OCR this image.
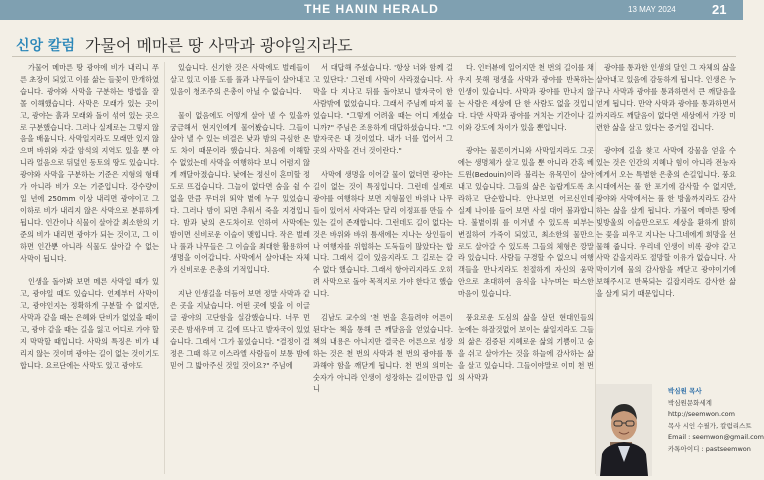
THE HANIN HERALD	13 MAY 2024	21
신앙 칼럼 가물어 메마른 땅 사막과 광야일지라도

가물어 메마른 땅 광야에 비가 내리니 푸른 초장이 되었고 이를 삶는 들꽃이 만개하였습니다. 광야와 사막을 구분하는 방법을 잘 몰 이해했습니다. 사막은 모래가 있는 곳이고, 광야는 흙과 모래와 돌이 섞여 있는 곳으로 구분했습니다. 그러나 실제로는 그렇지 않음을 배웁니다. 사막일지라도 모래만 있지 않으며 바위와 자갈 암석의 지역도 있을 뿐 아니라 얼음으로 뒤덮인 동토의 땅도 있습니다. 광야와 사막을 구분하는 기준은 지형의 형태가 아니라 비가 오는 기준입니다. 강수량이 일 년에 250mm 이상 내리면 광야이고 그 이하로 비가 내리지 않은 사막으로 분류하게 됩니다. 인간이나 식물이 살아갈 최소한의 기준의 비가 내리면 광야가 되는 것이고, 그 이하면 인간뿐 아니라 식물도 살아갈 수 없는 사막이 됩니다.

인생을 돌아봐 보면 메른 사막일 때가 있고, 광야일 때도 있습니다. 언제부터 사막이고, 광야인지는 정확하게 구분할 수 없지만, 사막과 같을 때는 은혜와 단비가 없었을 때이고, 광야 같을 때는 길을 잃고 어디로 가야 할지 막막할 때입니다. 사막의 특징은 비가 내리지 않는 것이며 광야는 길이 없는 것이기도 합니다. 요르단에는 사막도 있고 광야도

있습니다. 신기한 것은 사막에도 벌레들이 살고 있고 이를 도를 풀과 나무들이 살아내고 있음이 청조주의 은총이 아닐 수 없습니다.

물이 없음에도 어떻게 살아 낼 수 있을까 궁금해서 현지인에게 물어봤습니다. 그들이 살아 낼 수 있는 비결은 낮과 밤의 극심한 온도 차이 때문이라 했습니다. 처음에 이해할 수 없었는데 사막을 여행하다 보니 어렴지 않게 깨달아졌습니다. 낮에는 정신이 혼미할 정도로 뜨겁습니다. 그늘이 없다면 숨을 쉴 수 없을 만큼 무더위 뙤약 볕에 누구 있었습니다. 그러나 밤이 되면 추워서 죽을 지경입니다. 밤과 낮의 온도차이로 인하여 사막에는 밤이면 신비로운 이슬이 맺힙니다. 작은 벌레나 풀과 나무들은 그 이슬을 최대한 활용하여 생명을 이어갑니다. 사막에서 살아내는 자체가 신비로운 은총의 기적입니다.

지난 인생길을 더듬어 보면 정말 사막과 같은 곳을 지났습니다. 어떤 곳에 빛을 이 이글글 광야의 고단함을 실감했습니다. 너무 먼 곳은 밤새우며 고 길에 뜨나고 발자국이 있었습니다. 그래서 '그가 물었습니다. "결정이 결정은 그때 하고 이스라엘 사람들이 보통 밤에 믿어 그 밟아주신 것일 것이요?" 주님에

서 대답해 주셨습니다. '항상 너와 함께 걸고 있단다.' 그런데 사막이 사라졌습니다. 사막을 다 지나고 뒤를 돌아보니 발자국이 한 사람밖에 없었습니다. 그래서 주님께 따져 물었습니다. "그렇게 어려울 때는 어디 계셨습니까?" 주님은 조용하게 대답하셨습니다. "그 발자국은 내 것이었다. 내가 너를 업어서 그곳의 사막을 건너 것이란다."

사막에 생명을 이어갈 물이 없더면 광야는 길이 없는 것이 특징입니다. 그런데 실제로 광야를 여행하다 보면 지형물인 바위나 나무들이 있어서 사막과는 달리 이정표를 만들 수 있는 길이 존재합니다. 그런데도 길이 없다는 것은 바위와 바위 틈새에는 지나는 상인들이나 여행자를 위협하는 도둑들이 많았다는 합니다. 그래서 길이 있음지라도 그 길로는 갈 수 없다 했습니다. 그래서 항아리지라도 오히려 사막으로 돌아 목적지로 가야 한다고 했습니다.

김남도 교수의 '천 번을 흔들려야 어른이 된다'는 책을 통해 큰 깨달음을 얻었습니다. 책의 내용은 아니지만 결국은 어른으로 성장하는 것은 천 번의 사막과 천 번의 광야를 통과해야 함을 깨닫게 됩니다. 천 번의 의미는 숫자가 아니라 인생이 성장하는 길이만큼 입니

다. 인터뷰에 일어지만 천 번의 길이를 채우지 못해 평생을 사막과 광야를 반복하는 인생이 있습니다. 사막과 광야를 만나지 않는 사람은 세상에 단 한 사람도 없을 것입니다. 다만 사막과 광야를 겨치는 기간이나 길이와 강도에 차이가 있을 뿐입니다.

광야는 물론이거니와 사막일지라도 그곳에는 생명체가 살고 있을 뿐 아니라 간혹 베드윈(Bedouin)이라 불리는 유목민이 살아내고 있습니다. 그들의 삶은 놀랍게도록 초라하고 단순합니다. 안나보면 어르신인데 실제 나이를 들어 보면 사실 대어 불과합니다. 불볕이뤄 를 이겨낼 수 있도록 피부는 변질하여 가죽이 되었고, 최소한의 물만으로도 살아갈 수 있도록 그들의 체형은 깡말라 있습니다. 사람들 구경할 수 없으니 여행객들을 만나지라도 친절하게 자신의 움막 안으로 초대하여 음식을 나누며는 따스한 마음이 있습니다.

풍요로운 도심의 삶을 살던 현대인들의 눈에는 하잘것없어 보이는 삶일지라도 그들의 삶은 검증된 지혜로운 삶의 기쁨이고 숨을 쉬고 살아가는 것을 하늘에 감사하는 삶을 살고 있습니다. 그들이야말로 이미 천 번의 사막과

광야를 통과한 인생의 달인 그 자체의 삶을 살아내고 있음에 감동하게 됩니다. 인생은 누구나 사막과 광야를 통과하면서 큰 깨달음을 얻게 됩니다. 만약 사막과 광야를 통과하면서까지라도 깨달음이 없다면 세상에서 가장 미련한 삶을 살고 있다는 증거일 겁니다.

광야에 길을 찾고 사막에 강물을 얻을 수 있는 것은 인간의 지혜나 힘이 아니라 전능자에게서 오는 특별한 은총의 손길입니다. 풍요시대에서는 풀 한 포기에 감사할 수 없지만, 광야와 사막에서는 풀 한 방울까지라도 감사하는 삶을 살게 됩니다. 가물어 메마른 땅에 빛방울의 이슬만으로도 세상을 환하게 밝히는 꽃을 피우고 지나는 나그네에게 희망을 선물해 줍니다. 우리네 인생이 비록 광야 같고 사막 같을지라도 절망할 이유가 없습니다. 사막이기에 물의 감사함을 깨닫고 광야이기에 보해주시고 반복되는 길잡지라도 감사한 삶을 살게 되기 때문입니다.

박심원 목사
박심원문화세계
http://seemwon.com
목사 시인 수필가, 칼럼리스트
Email : seemwon@gmail.com
카톡아이디 : pastseemwon
